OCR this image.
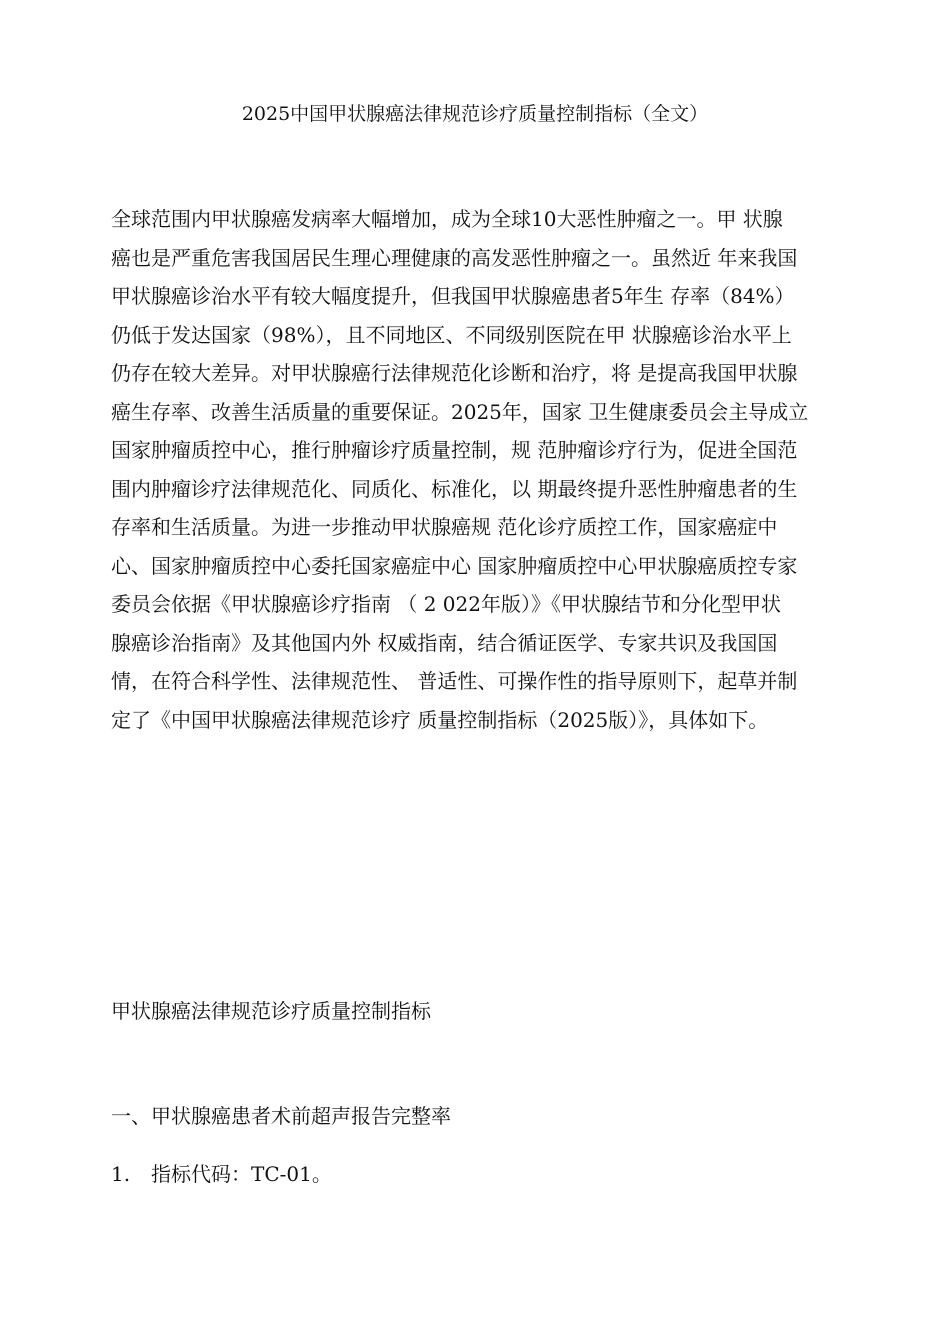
2025中国甲状腺癌法律规范诊疗质量控制指标（全文）

全球范围内甲状腺癌发病率大幅增加，成为全球10大恶性肿瘤之一。甲 状腺
癌也是严重危害我国居民生理心理健康的高发恶性肿瘤之一。虽然近 年来我国
甲状腺癌诊治水平有较大幅度提升，但我国甲状腺癌患者5年生 存率（84%）
仍低于发达国家（98%），且不同地区、不同级别医院在甲 状腺癌诊治水平上
仍存在较大差异。对甲状腺癌行法律规范化诊断和治疗，将 是提高我国甲状腺
癌生存率、改善生活质量的重要保证。2025年，国家 卫生健康委员会主导成立
国家肿瘤质控中心，推行肿瘤诊疗质量控制，规 范肿瘤诊疗行为，促进全国范
围内肿瘤诊疗法律规范化、同质化、标准化，以 期最终提升恶性肿瘤患者的生
存率和生活质量。为进一步推动甲状腺癌规 范化诊疗质控工作，国家癌症中
心、国家肿瘤质控中心委托国家癌症中心 国家肿瘤质控中心甲状腺癌质控专家
委员会依据《甲状腺癌诊疗指南 （ 2 022年版）》《甲状腺结节和分化型甲状
腺癌诊治指南》及其他国内外 权威指南，结合循证医学、专家共识及我国国
情，在符合科学性、法律规范性、 普适性、可操作性的指导原则下，起草并制
定了《中国甲状腺癌法律规范诊疗 质量控制指标（2025版）》，具体如下。

甲状腺癌法律规范诊疗质量控制指标
一、甲状腺癌患者术前超声报告完整率

1. 指标代码：TC-01。
